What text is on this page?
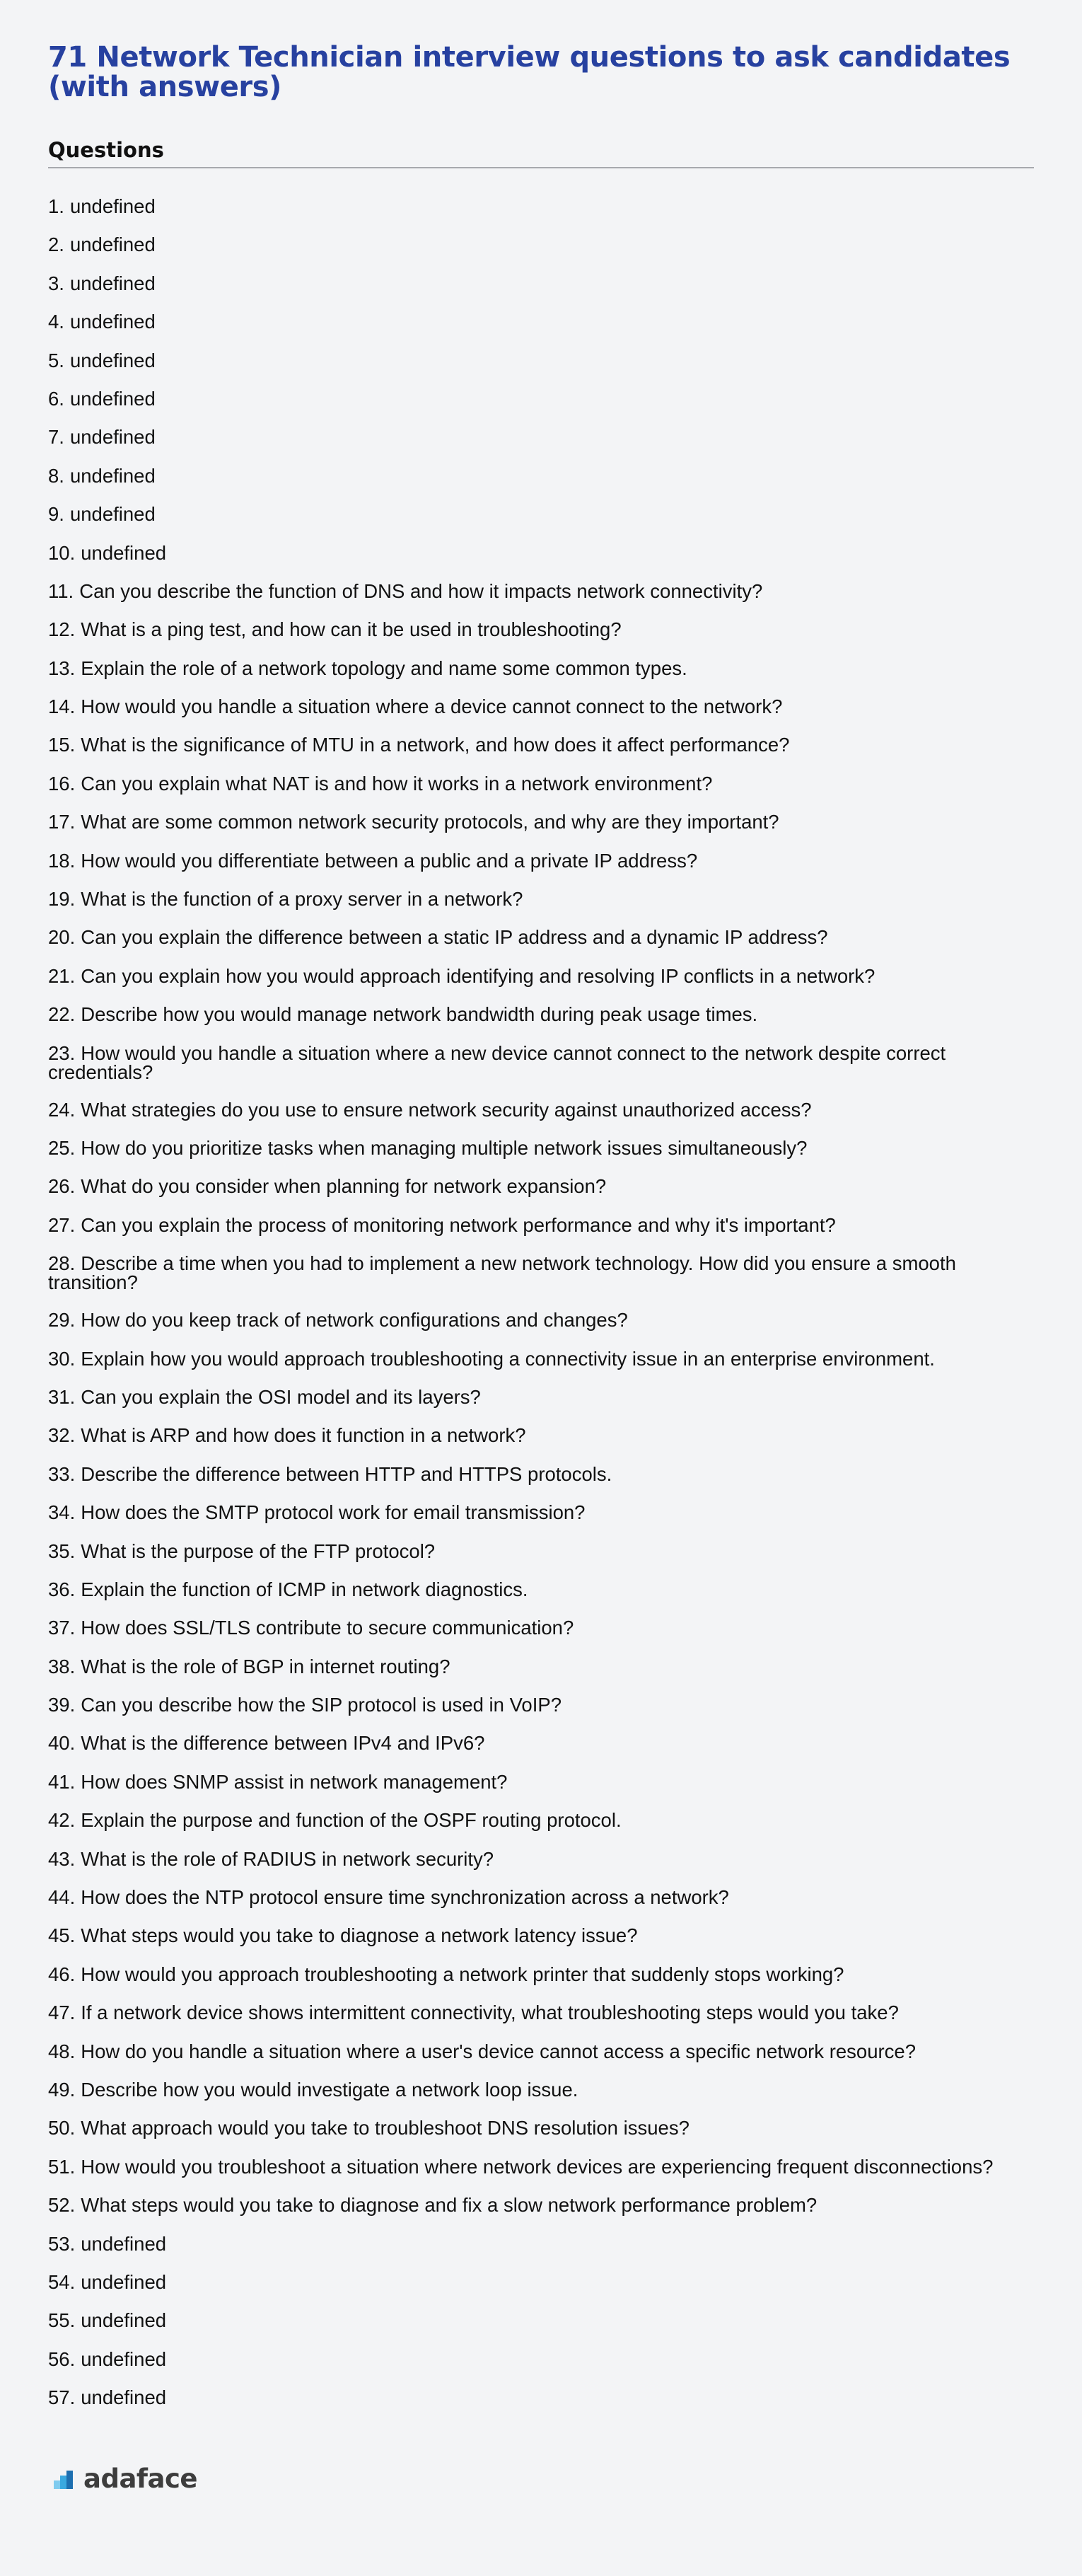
71 Network Technician interview questions to ask candidates (with answers)
Questions
1. undefined
2. undefined
3. undefined
4. undefined
5. undefined
6. undefined
7. undefined
8. undefined
9. undefined
10. undefined
11. Can you describe the function of DNS and how it impacts network connectivity?
12. What is a ping test, and how can it be used in troubleshooting?
13. Explain the role of a network topology and name some common types.
14. How would you handle a situation where a device cannot connect to the network?
15. What is the significance of MTU in a network, and how does it affect performance?
16. Can you explain what NAT is and how it works in a network environment?
17. What are some common network security protocols, and why are they important?
18. How would you differentiate between a public and a private IP address?
19. What is the function of a proxy server in a network?
20. Can you explain the difference between a static IP address and a dynamic IP address?
21. Can you explain how you would approach identifying and resolving IP conflicts in a network?
22. Describe how you would manage network bandwidth during peak usage times.
23. How would you handle a situation where a new device cannot connect to the network despite correct credentials?
24. What strategies do you use to ensure network security against unauthorized access?
25. How do you prioritize tasks when managing multiple network issues simultaneously?
26. What do you consider when planning for network expansion?
27. Can you explain the process of monitoring network performance and why it's important?
28. Describe a time when you had to implement a new network technology. How did you ensure a smooth transition?
29. How do you keep track of network configurations and changes?
30. Explain how you would approach troubleshooting a connectivity issue in an enterprise environment.
31. Can you explain the OSI model and its layers?
32. What is ARP and how does it function in a network?
33. Describe the difference between HTTP and HTTPS protocols.
34. How does the SMTP protocol work for email transmission?
35. What is the purpose of the FTP protocol?
36. Explain the function of ICMP in network diagnostics.
37. How does SSL/TLS contribute to secure communication?
38. What is the role of BGP in internet routing?
39. Can you describe how the SIP protocol is used in VoIP?
40. What is the difference between IPv4 and IPv6?
41. How does SNMP assist in network management?
42. Explain the purpose and function of the OSPF routing protocol.
43. What is the role of RADIUS in network security?
44. How does the NTP protocol ensure time synchronization across a network?
45. What steps would you take to diagnose a network latency issue?
46. How would you approach troubleshooting a network printer that suddenly stops working?
47. If a network device shows intermittent connectivity, what troubleshooting steps would you take?
48. How do you handle a situation where a user's device cannot access a specific network resource?
49. Describe how you would investigate a network loop issue.
50. What approach would you take to troubleshoot DNS resolution issues?
51. How would you troubleshoot a situation where network devices are experiencing frequent disconnections?
52. What steps would you take to diagnose and fix a slow network performance problem?
53. undefined
54. undefined
55. undefined
56. undefined
57. undefined
adaface
